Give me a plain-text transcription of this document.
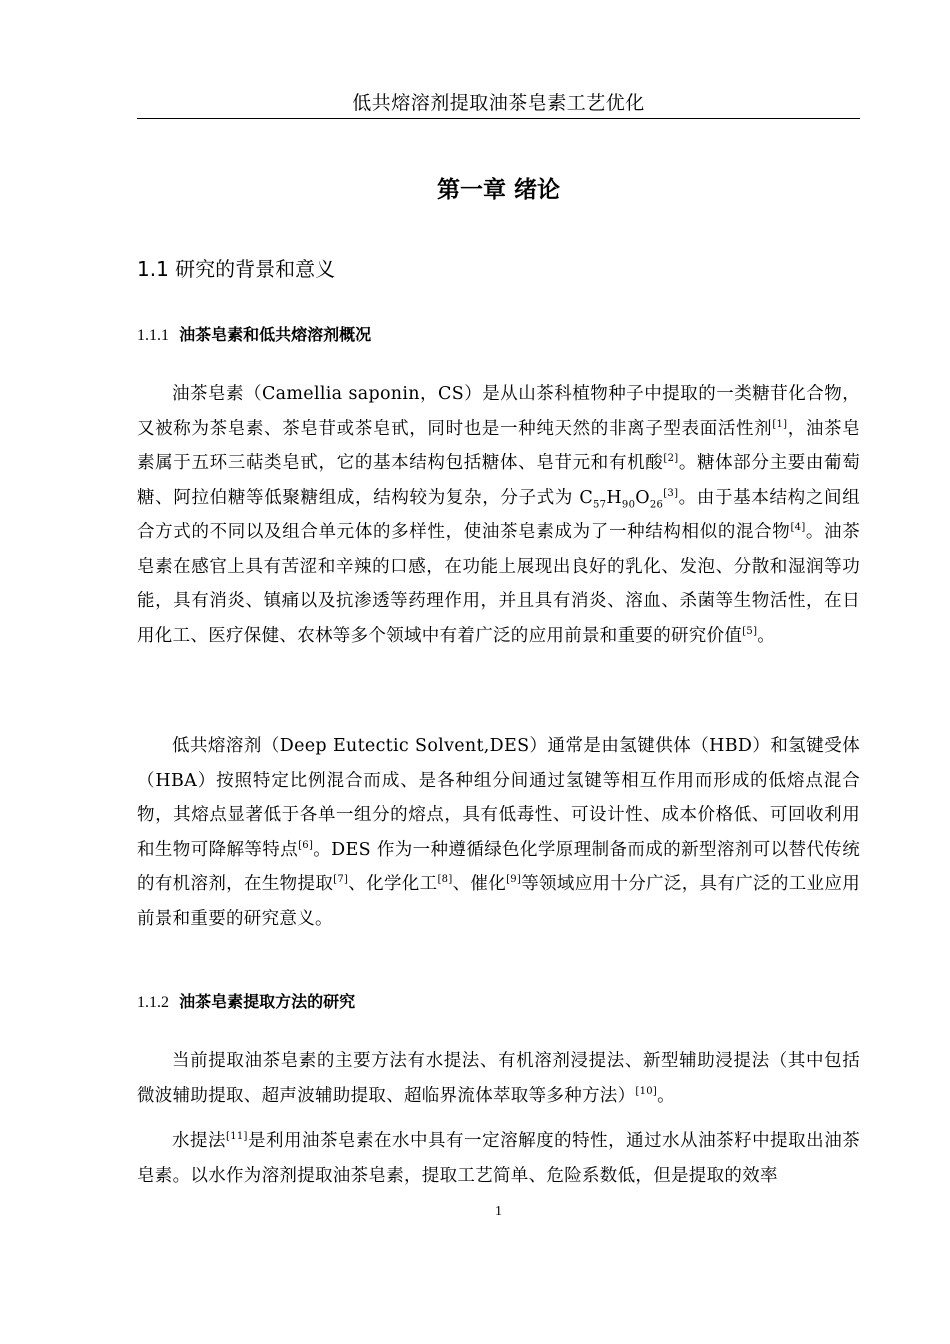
低共熔溶剂提取油茶皂素工艺优化
第一章 绪论
1.1 研究的背景和意义
1.1.1 油茶皂素和低共熔溶剂概况

油茶皂素（Camellia saponin，CS）是从山茶科植物种子中提取的一类糖苷化合物，又被称为茶皂素、茶皂苷或茶皂甙，同时也是一种纯天然的非离子型表面活性剂[1]，油茶皂素属于五环三萜类皂甙，它的基本结构包括糖体、皂苷元和有机酸[2]。糖体部分主要由葡萄糖、阿拉伯糖等低聚糖组成，结构较为复杂，分子式为 $C_{57}H_{90}O_{26}[3]$。由于基本结构之间组合方式的不同以及组合单元体的多样性，使油茶皂素成为了一种结构相似的混合物[4]。油茶皂素在感官上具有苦涩和辛辣的口感，在功能上展现出良好的乳化、发泡、分散和湿润等功能，具有消炎、镇痛以及抗渗透等药理作用，并且具有消炎、溶血、杀菌等生物活性，在日用化工、医疗保健、农林等多个领域中有着广泛的应用前景和重要的研究价值[5]。

低共熔溶剂（Deep Eutectic Solvent,DES）通常是由氢键供体（HBD）和氢键受体（HBA）按照特定比例混合而成、是各种组分间通过氢键等相互作用而形成的低熔点混合物，其熔点显著低于各单一组分的熔点，具有低毒性、可设计性、成本价格低、可回收利用和生物可降解等特点[6]。DES 作为一种遵循绿色化学原理制备而成的新型溶剂可以替代传统的有机溶剂，在生物提取[7]、化学化工[8]、催化[9]等领域应用十分广泛，具有广泛的工业应用前景和重要的研究意义。

1.1.2 油茶皂素提取方法的研究

当前提取油茶皂素的主要方法有水提法、有机溶剂浸提法、新型辅助浸提法（其中包括微波辅助提取、超声波辅助提取、超临界流体萃取等多种方法）[10]。

水提法[11]是利用油茶皂素在水中具有一定溶解度的特性，通过水从油茶籽中提取出油茶皂素。以水作为溶剂提取油茶皂素，提取工艺简单、危险系数低，但是提取的效率

1
